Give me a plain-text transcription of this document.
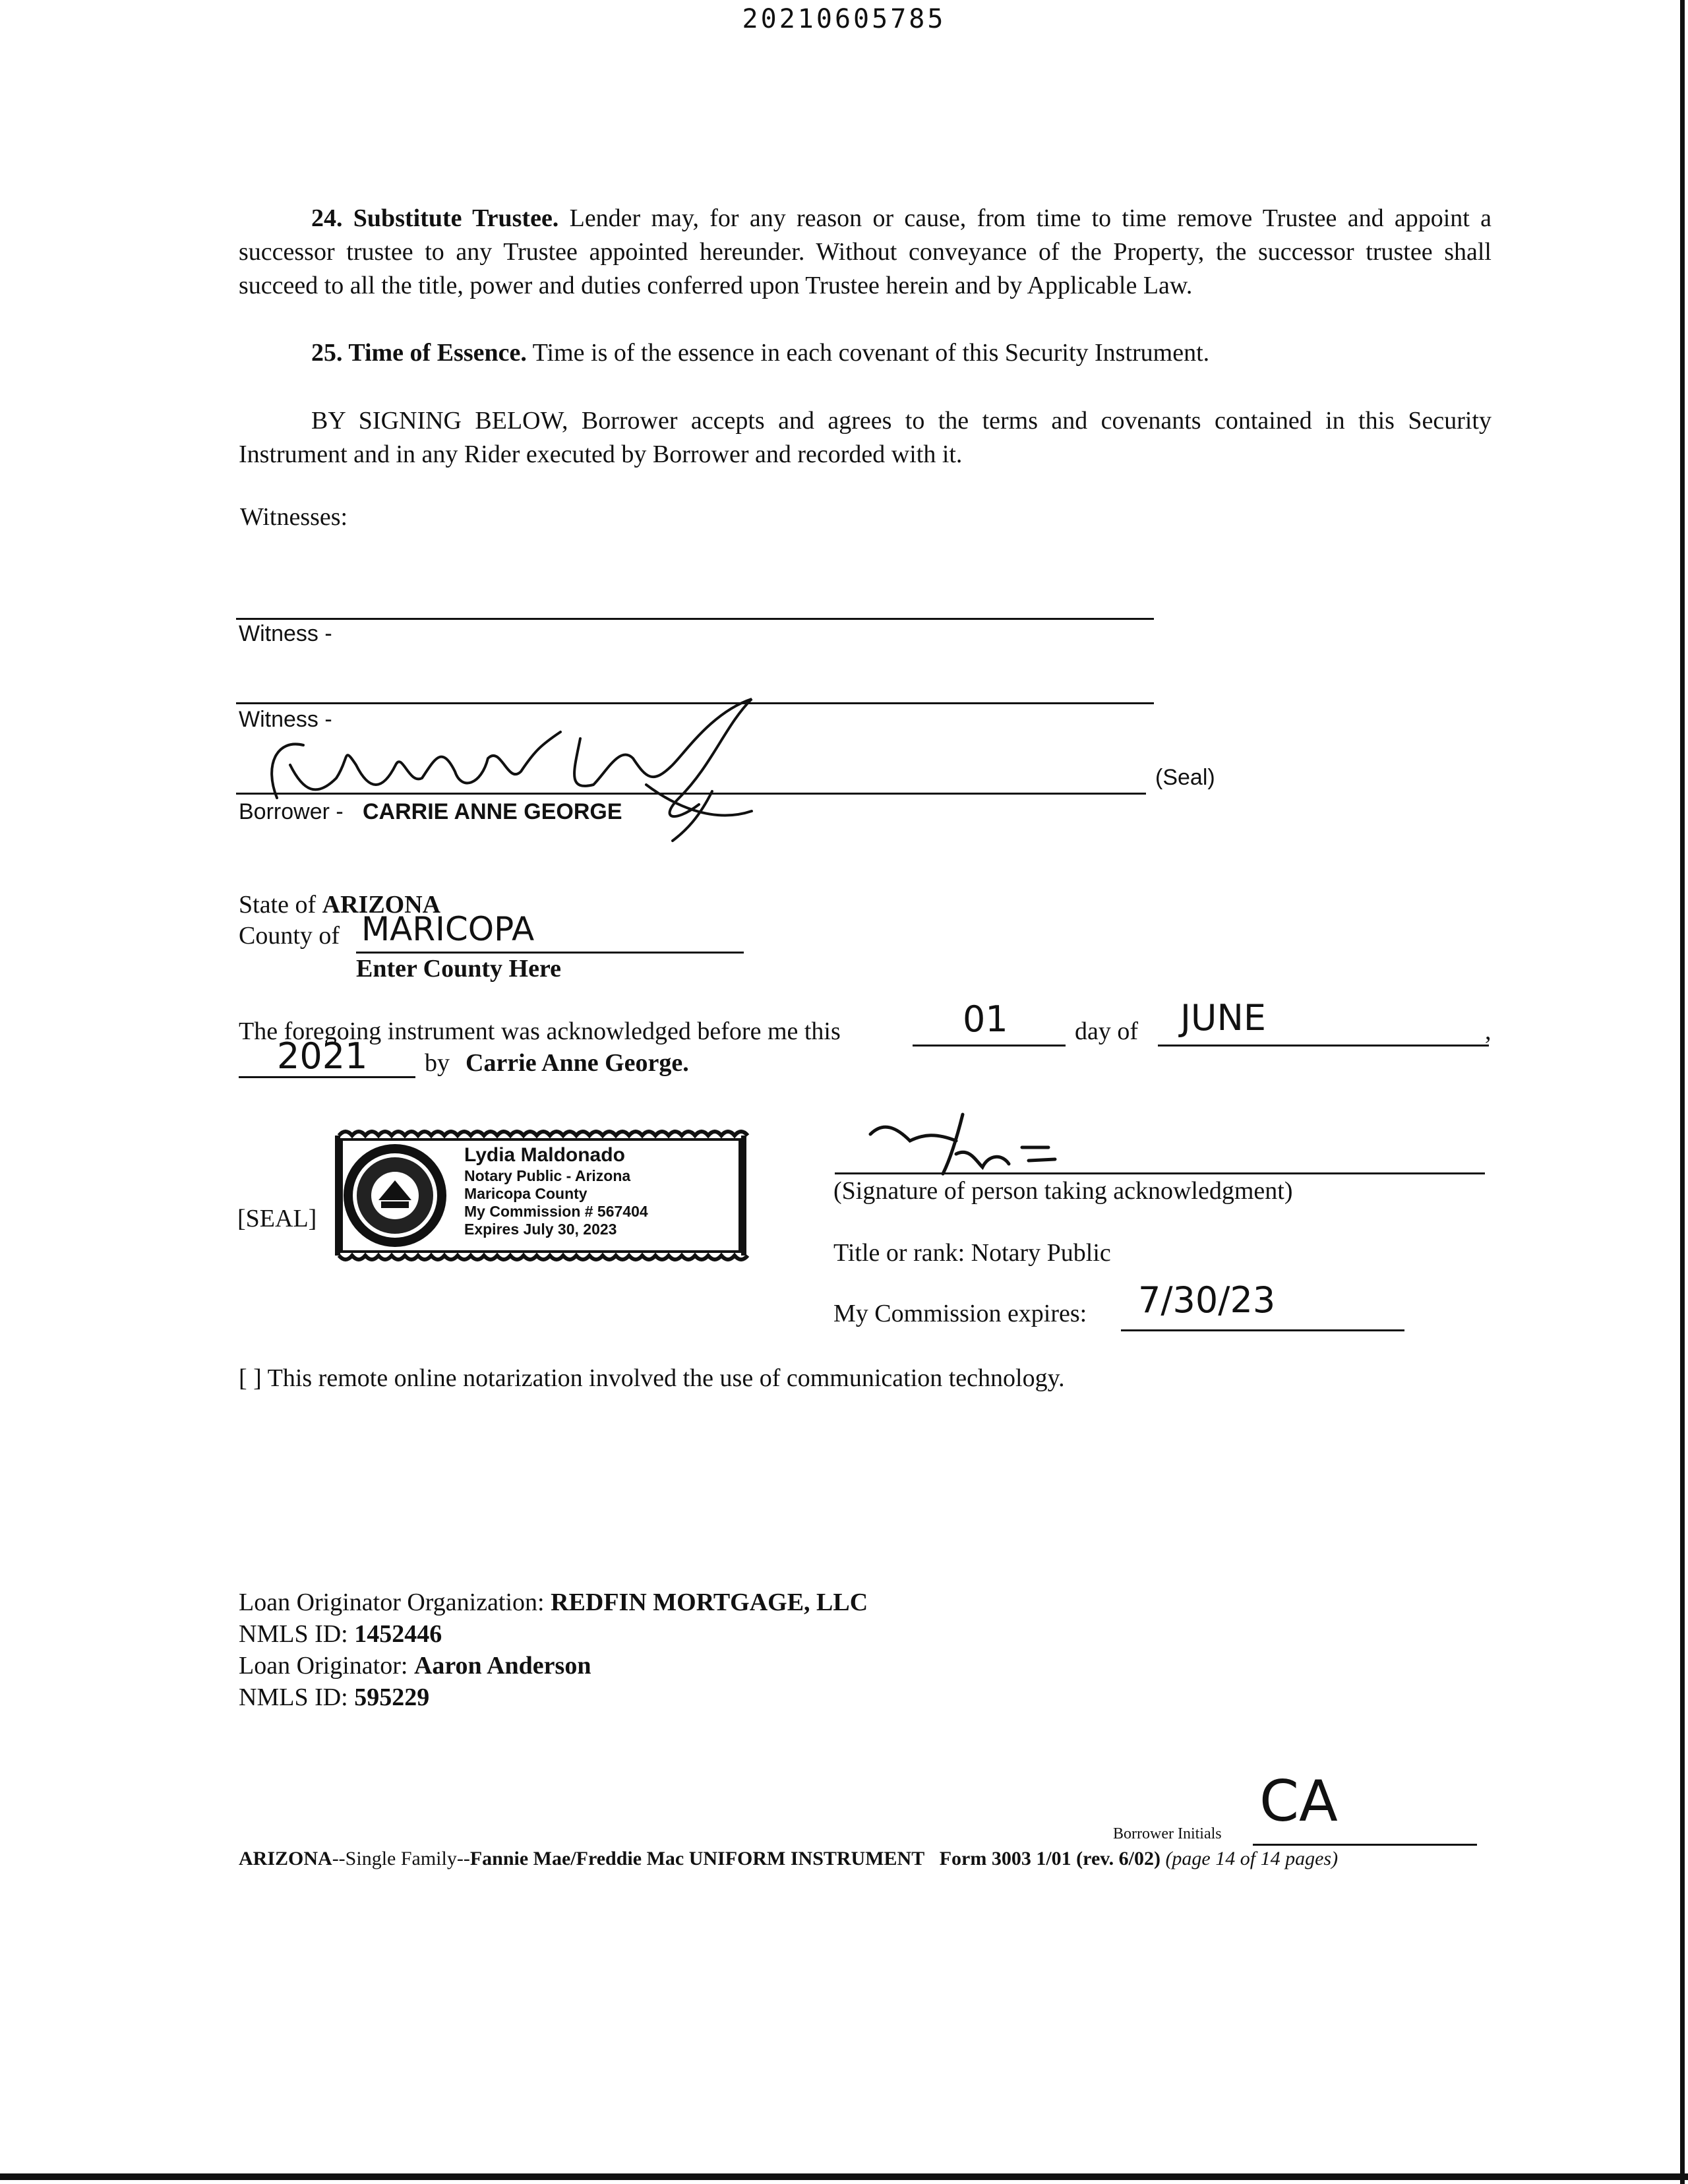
20210605785
24. Substitute Trustee. Lender may, for any reason or cause, from time to time remove Trustee and appoint a successor trustee to any Trustee appointed hereunder. Without conveyance of the Property, the successor trustee shall succeed to all the title, power and duties conferred upon Trustee herein and by Applicable Law.
25. Time of Essence. Time is of the essence in each covenant of this Security Instrument.
BY SIGNING BELOW, Borrower accepts and agrees to the terms and covenants contained in this Security Instrument and in any Rider executed by Borrower and recorded with it.
Witnesses:
Witness -
Witness -
(Seal)
Borrower - CARRIE ANNE GEORGE
State of ARIZONA
County of MARICOPA
Enter County Here
The foregoing instrument was acknowledged before me this	01	day of JUNE	,
2021 by Carrie Anne George.
[SEAL]
Lydia Maldonado
Notary Public - Arizona
Maricopa County
My Commission # 567404
Expires July 30, 2023
(Signature of person taking acknowledgment)
Title or rank: Notary Public
My Commission expires: 7/30/23
[ ] This remote online notarization involved the use of communication technology.
Loan Originator Organization: REDFIN MORTGAGE, LLC
NMLS ID: 1452446
Loan Originator: Aaron Anderson
NMLS ID: 595229
Borrower Initials CA
ARIZONA--Single Family--Fannie Mae/Freddie Mac UNIFORM INSTRUMENT Form 3003 1/01 (rev. 6/02) (page 14 of 14 pages)
